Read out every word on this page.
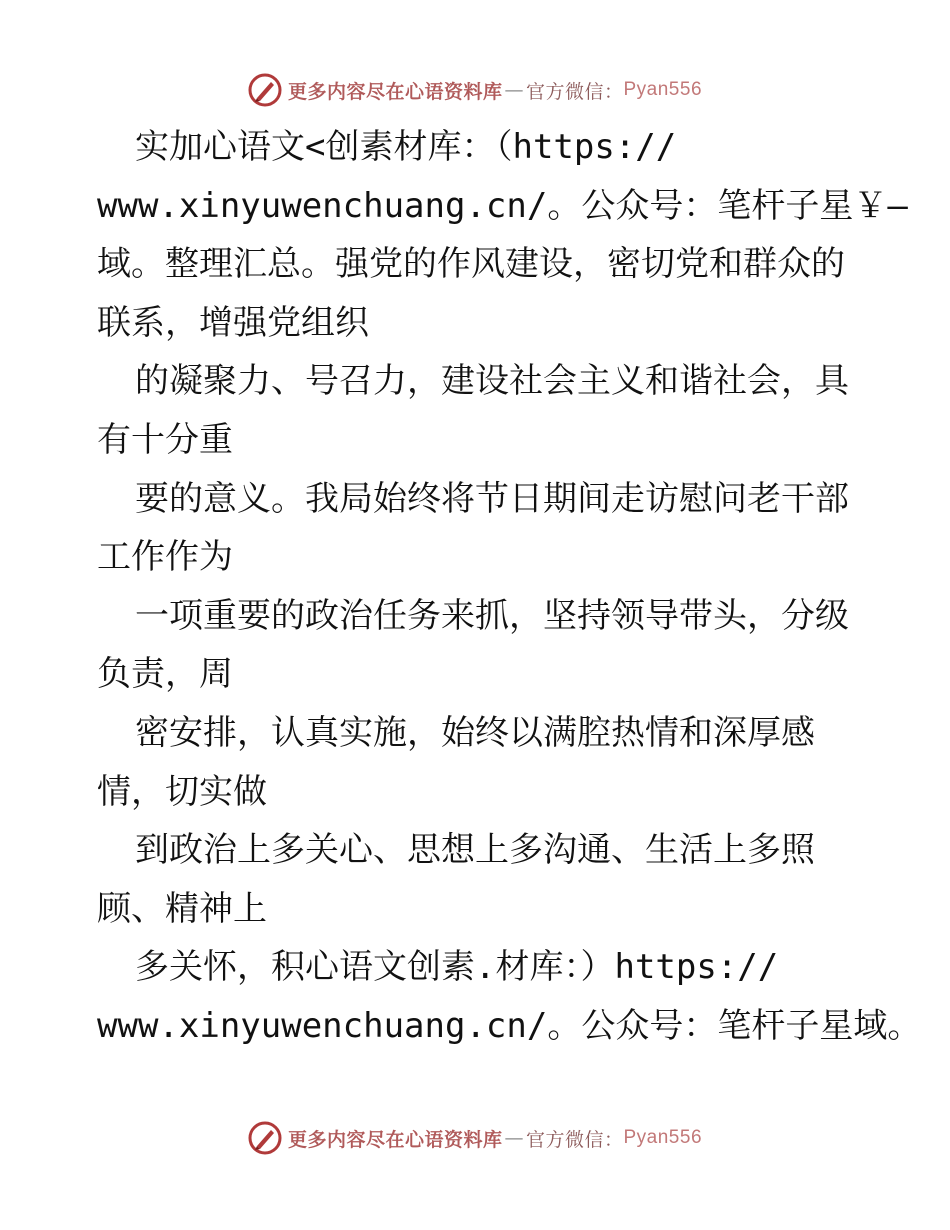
更多内容尽在心语资料库 — 官方微信： Pyan556
实加心语文<创素材库：（https://
www.xinyuwenchuang.cn/。公众号：笔杆子星￥—
域。整理汇总。强党的作风建设，密切党和群众的
联系，增强党组织
的凝聚力、号召力，建设社会主义和谐社会，具
有十分重
要的意义。我局始终将节日期间走访慰问老干部
工作作为
一项重要的政治任务来抓，坚持领导带头，分级
负责，周
密安排，认真实施，始终以满腔热情和深厚感
情，切实做
到政治上多关心、思想上多沟通、生活上多照
顾、精神上
多关怀，积心语文创素.材库：）https://
www.xinyuwenchuang.cn/。公众号：笔杆子星域。
更多内容尽在心语资料库 — 官方微信： Pyan556
